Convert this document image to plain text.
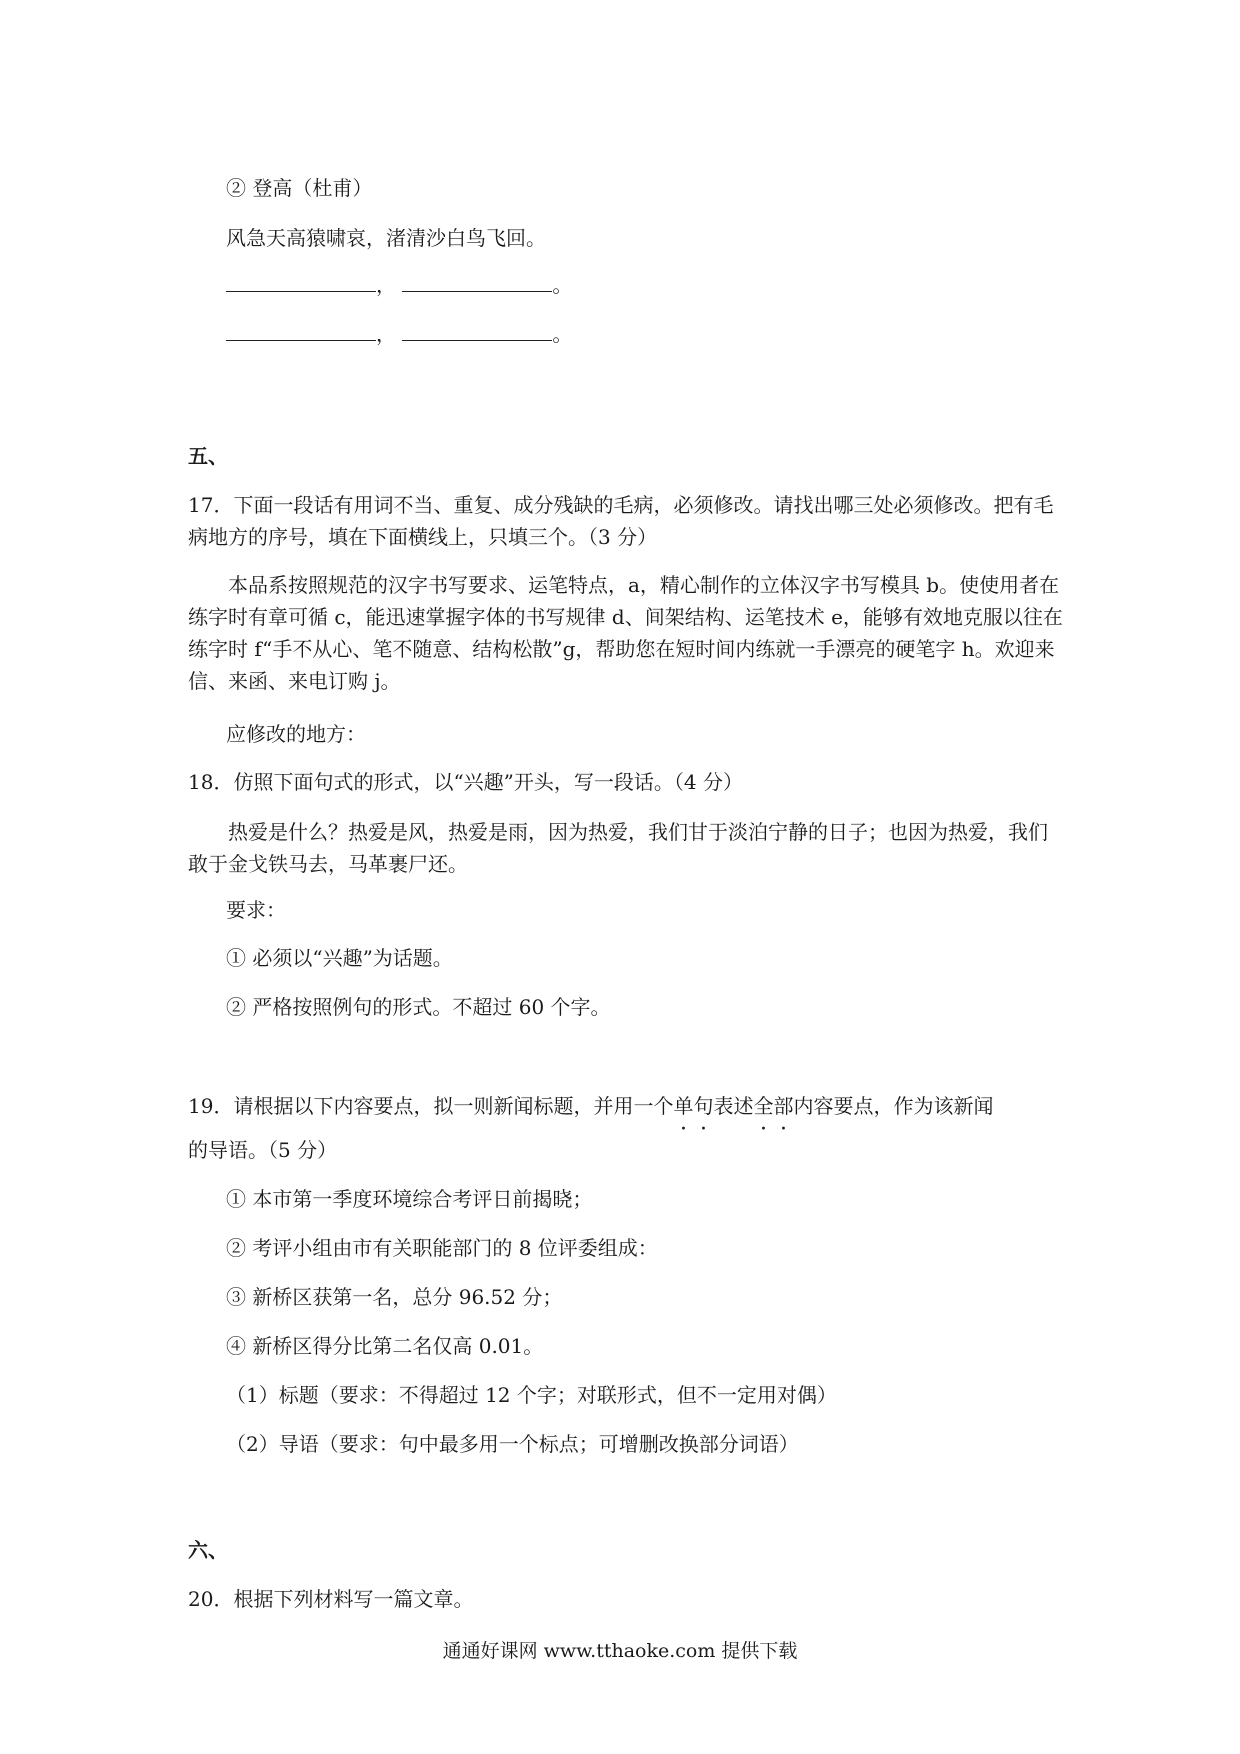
② 登高（杜甫）

风急天高猿啸哀，渚清沙白鸟飞回。

，	。

，	。

五、

17．下面一段话有用词不当、重复、成分残缺的毛病，必须修改。请找出哪三处必须修改。把有毛病地方的序号，填在下面横线上，只填三个。（3 分）

本品系按照规范的汉字书写要求、运笔特点，a，精心制作的立体汉字书写模具 b。使使用者在练字时有章可循 c，能迅速掌握字体的书写规律 d、间架结构、运笔技术 e，能够有效地克服以往在练字时 f“手不从心、笔不随意、结构松散”g，帮助您在短时间内练就一手漂亮的硬笔字 h。欢迎来信、来函、来电订购 j。

应修改的地方：

18．仿照下面句式的形式，以“兴趣”开头，写一段话。（4 分）

热爱是什么？热爱是风，热爱是雨，因为热爱，我们甘于淡泊宁静的日子；也因为热爱，我们敢于金戈铁马去，马革裹尸还。

要求：

① 必须以“兴趣”为话题。

② 严格按照例句的形式。不超过 60 个字。

19．请根据以下内容要点，拟一则新闻标题，并用一个单句表述全部内容要点，作为该新闻

的导语。（5 分）

① 本市第一季度环境综合考评日前揭晓；

② 考评小组由市有关职能部门的 8 位评委组成：

③ 新桥区获第一名，总分 96.52 分；

④ 新桥区得分比第二名仅高 0.01。

（1）标题（要求：不得超过 12 个字；对联形式，但不一定用对偶）

（2）导语（要求：句中最多用一个标点；可增删改换部分词语）

六、

20．根据下列材料写一篇文章。

通通好课网 www.tthaoke.com 提供下载
